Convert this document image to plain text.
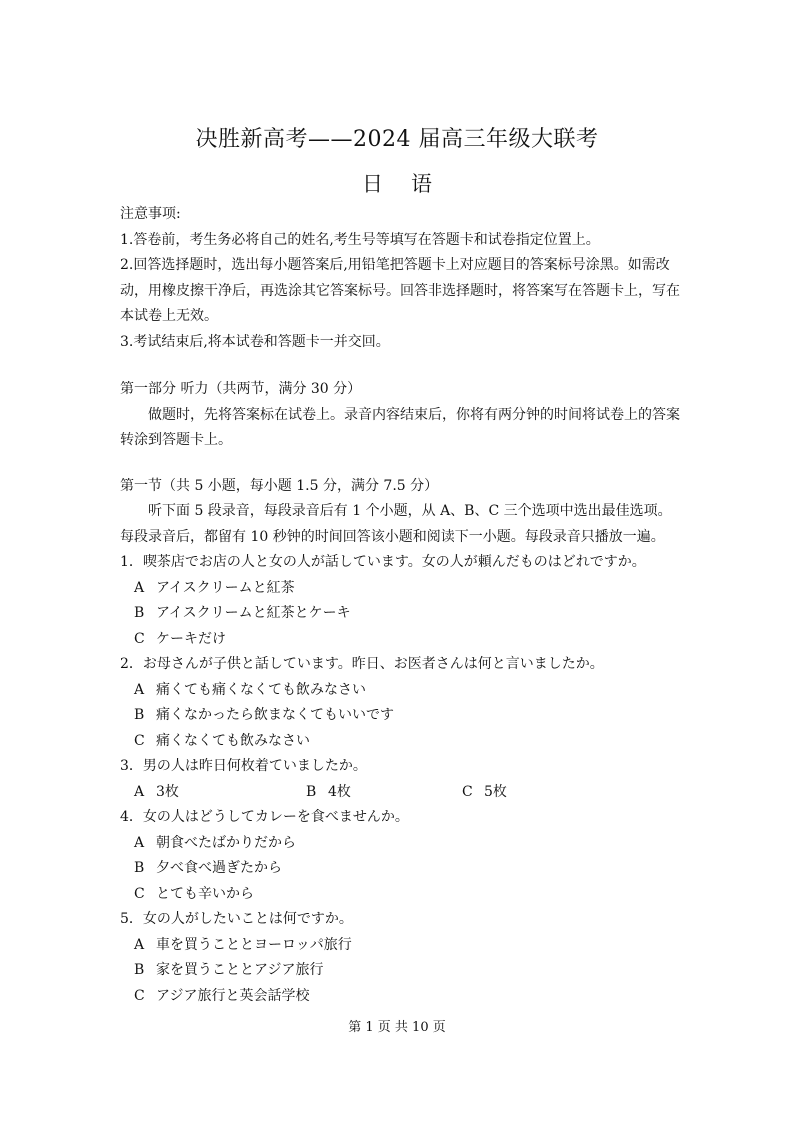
决胜新高考——2024 届高三年级大联考
日语
注意事项:
1.答卷前，考生务必将自己的姓名,考生号等填写在答题卡和试卷指定位置上。
2.回答选择题时，选出每小题答案后,用铅笔把答题卡上对应题目的答案标号涂黑。如需改动，用橡皮擦干净后，再选涂其它答案标号。回答非选择题时，将答案写在答题卡上，写在本试卷上无效。
3.考试结束后,将本试卷和答题卡一并交回。
第一部分 听力（共两节，满分 30 分）
做题时，先将答案标在试卷上。录音内容结束后，你将有两分钟的时间将试卷上的答案转涂到答题卡上。
第一节（共 5 小题，每小题 1.5 分，满分 7.5 分）
听下面 5 段录音，每段录音后有 1 个小题，从 A、B、C 三个选项中选出最佳选项。每段录音后，都留有 10 秒钟的时间回答该小题和阅读下一小题。每段录音只播放一遍。
1．喫茶店でお店の人と女の人が話しています。女の人が頼んだものはどれですか。
A アイスクリームと紅茶
B アイスクリームと紅茶とケーキ
C ケーキだけ
2．お母さんが子供と話しています。昨日、お医者さんは何と言いましたか。
A 痛くても痛くなくても飲みなさい
B 痛くなかったら飲まなくてもいいです
C 痛くなくても飲みなさい
3．男の人は昨日何枚着ていましたか。
A 3枚	B 4枚	C 5枚
4．女の人はどうしてカレーを食べませんか。
A 朝食べたばかりだから
B 夕べ食べ過ぎたから
C とても辛いから
5．女の人がしたいことは何ですか。
A 車を買うこととヨーロッパ旅行
B 家を買うこととアジア旅行
C アジア旅行と英会話学校
第 1 页 共 10 页
